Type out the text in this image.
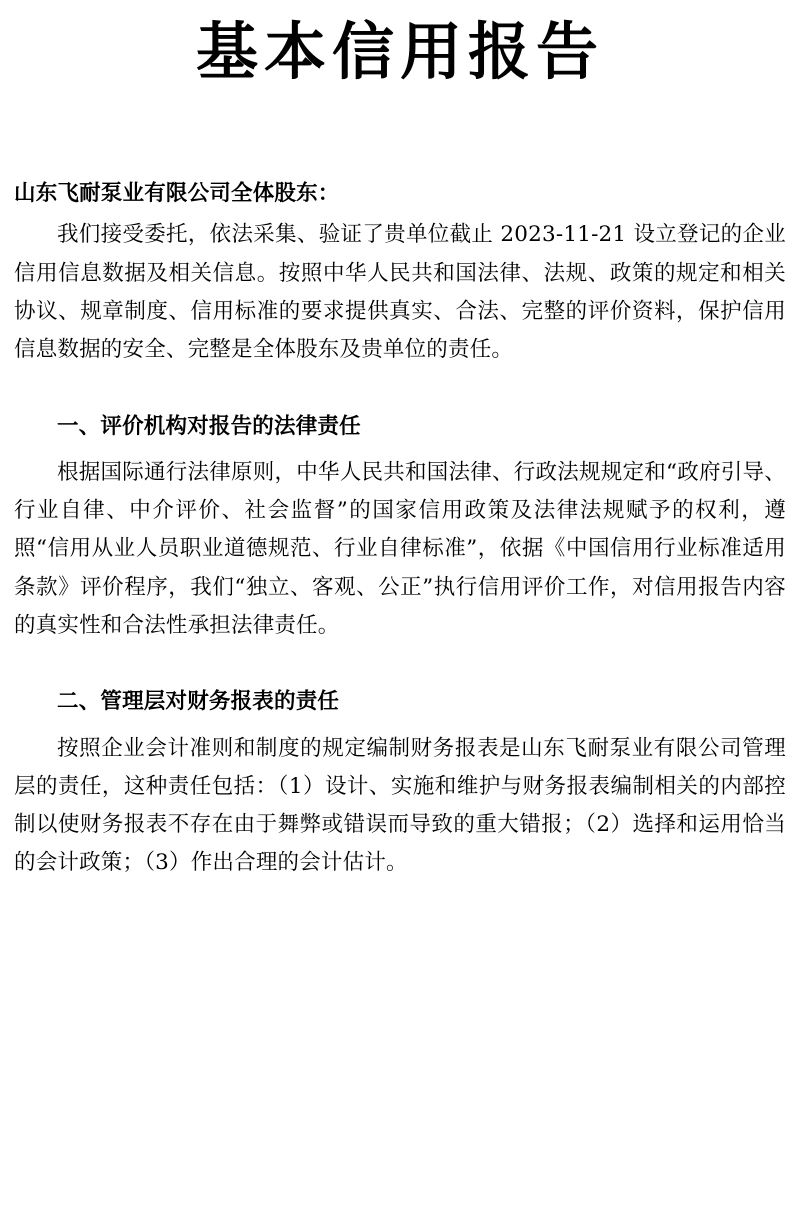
基本信用报告
山东飞耐泵业有限公司全体股东：

我们接受委托，依法采集、验证了贵单位截止 2023-11-21 设立登记的企业信用信息数据及相关信息。按照中华人民共和国法律、法规、政策的规定和相关协议、规章制度、信用标准的要求提供真实、合法、完整的评价资料，保护信用信息数据的安全、完整是全体股东及贵单位的责任。

一、评价机构对报告的法律责任

根据国际通行法律原则，中华人民共和国法律、行政法规规定和“政府引导、行业自律、中介评价、社会监督”的国家信用政策及法律法规赋予的权利，遵照“信用从业人员职业道德规范、行业自律标准”，依据《中国信用行业标准适用条款》评价程序，我们“独立、客观、公正”执行信用评价工作，对信用报告内容的真实性和合法性承担法律责任。

二、管理层对财务报表的责任

按照企业会计准则和制度的规定编制财务报表是山东飞耐泵业有限公司管理层的责任，这种责任包括：（1）设计、实施和维护与财务报表编制相关的内部控制以使财务报表不存在由于舞弊或错误而导致的重大错报；（2）选择和运用恰当的会计政策；（3）作出合理的会计估计。
